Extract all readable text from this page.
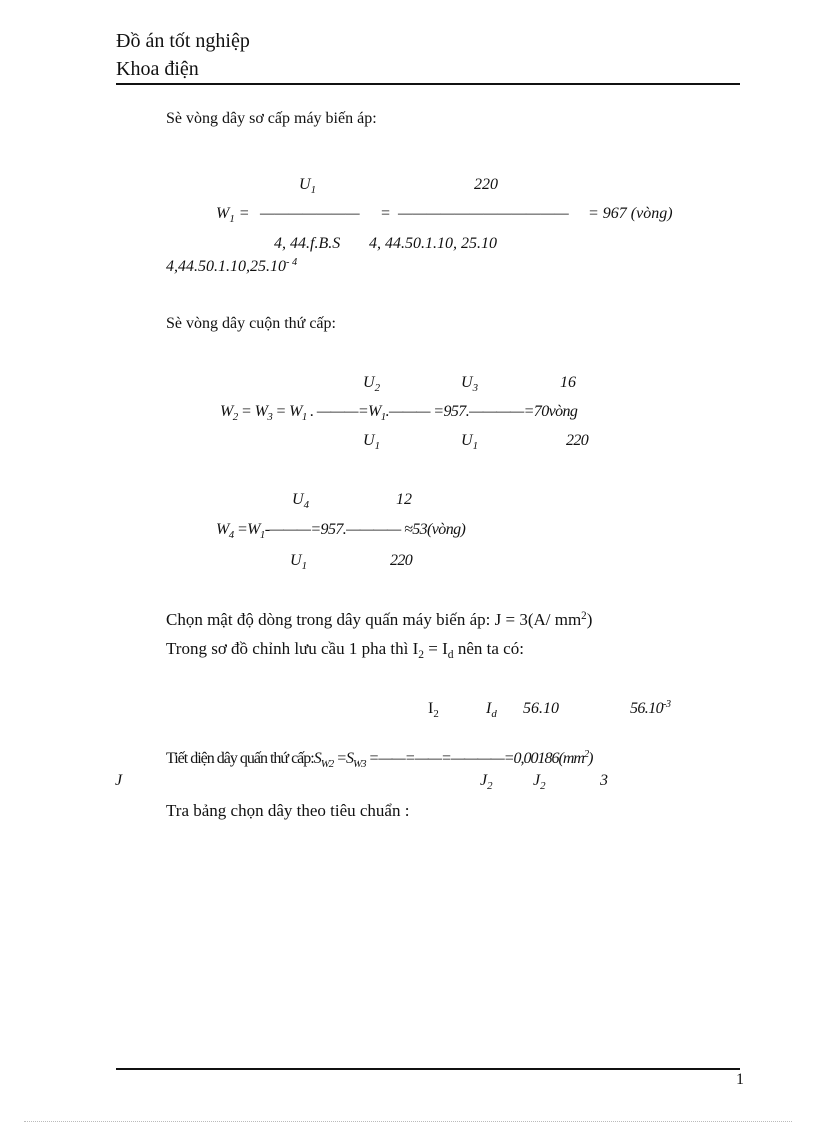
Đồ án tốt nghiệp
Khoa điện
Sè vòng dây sơ cấp máy biến áp:
$U_1$	220
$W_1$ = ——————— = ———————————— = 967 (vòng)
4, 44.f.B.S 4, 44.50.1.10, 25.10
$4,44.50.1.10,25.10^{- 4}$
Sè vòng dây cuộn thứ cấp:
$U_2$	$U_3$	16
$W_2 = W_3 = W_1$ . $———=W_1.———$ =957.————=70vòng
$U_1$	$U_1$	220
$U_4$	12
$W_4$ $=W_1-———=957.————$ ≈53(vòng)
$U_1$	220
Chọn mật độ dòng trong dây quấn máy biến áp: J = 3(A/ $mm^2$)
Trong sơ đồ chỉnh lưu cầu 1 pha thì $I_2 = I_d$ nên ta có:
$I_2$	$I_d$ 56.10	$56.10^{-3}$
Tiết diện dây quấn thứ $cấp:S_{W2} =S_{W3}$ $=——=——=————=0,00186(mm^2)$
J	$J_2$	$J_2$	3
Tra bảng chọn dây theo tiêu chuẩn :
1
